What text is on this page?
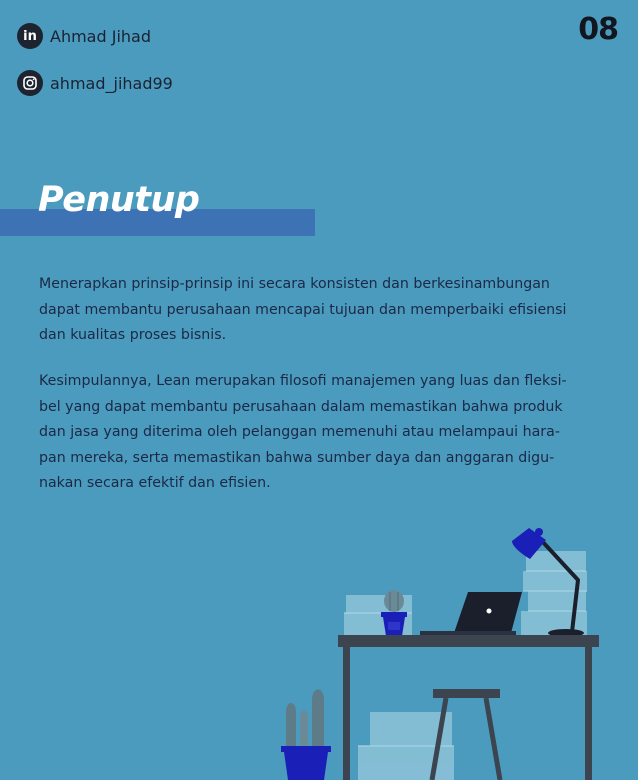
in Ahmad Jihad
ahmad_jihad99
08
Penutup

Menerapkan prinsip-prinsip ini secara konsisten dan berkesinambungan dapat membantu perusahaan mencapai tujuan dan memperbaiki efisiensi dan kualitas proses bisnis.

Kesimpulannya, Lean merupakan filosofi manajemen yang luas dan fleksi-bel yang dapat membantu perusahaan dalam memastikan bahwa produk dan jasa yang diterima oleh pelanggan memenuhi atau melampaui hara-pan mereka, serta memastikan bahwa sumber daya dan anggaran digu-nakan secara efektif dan efisien.
